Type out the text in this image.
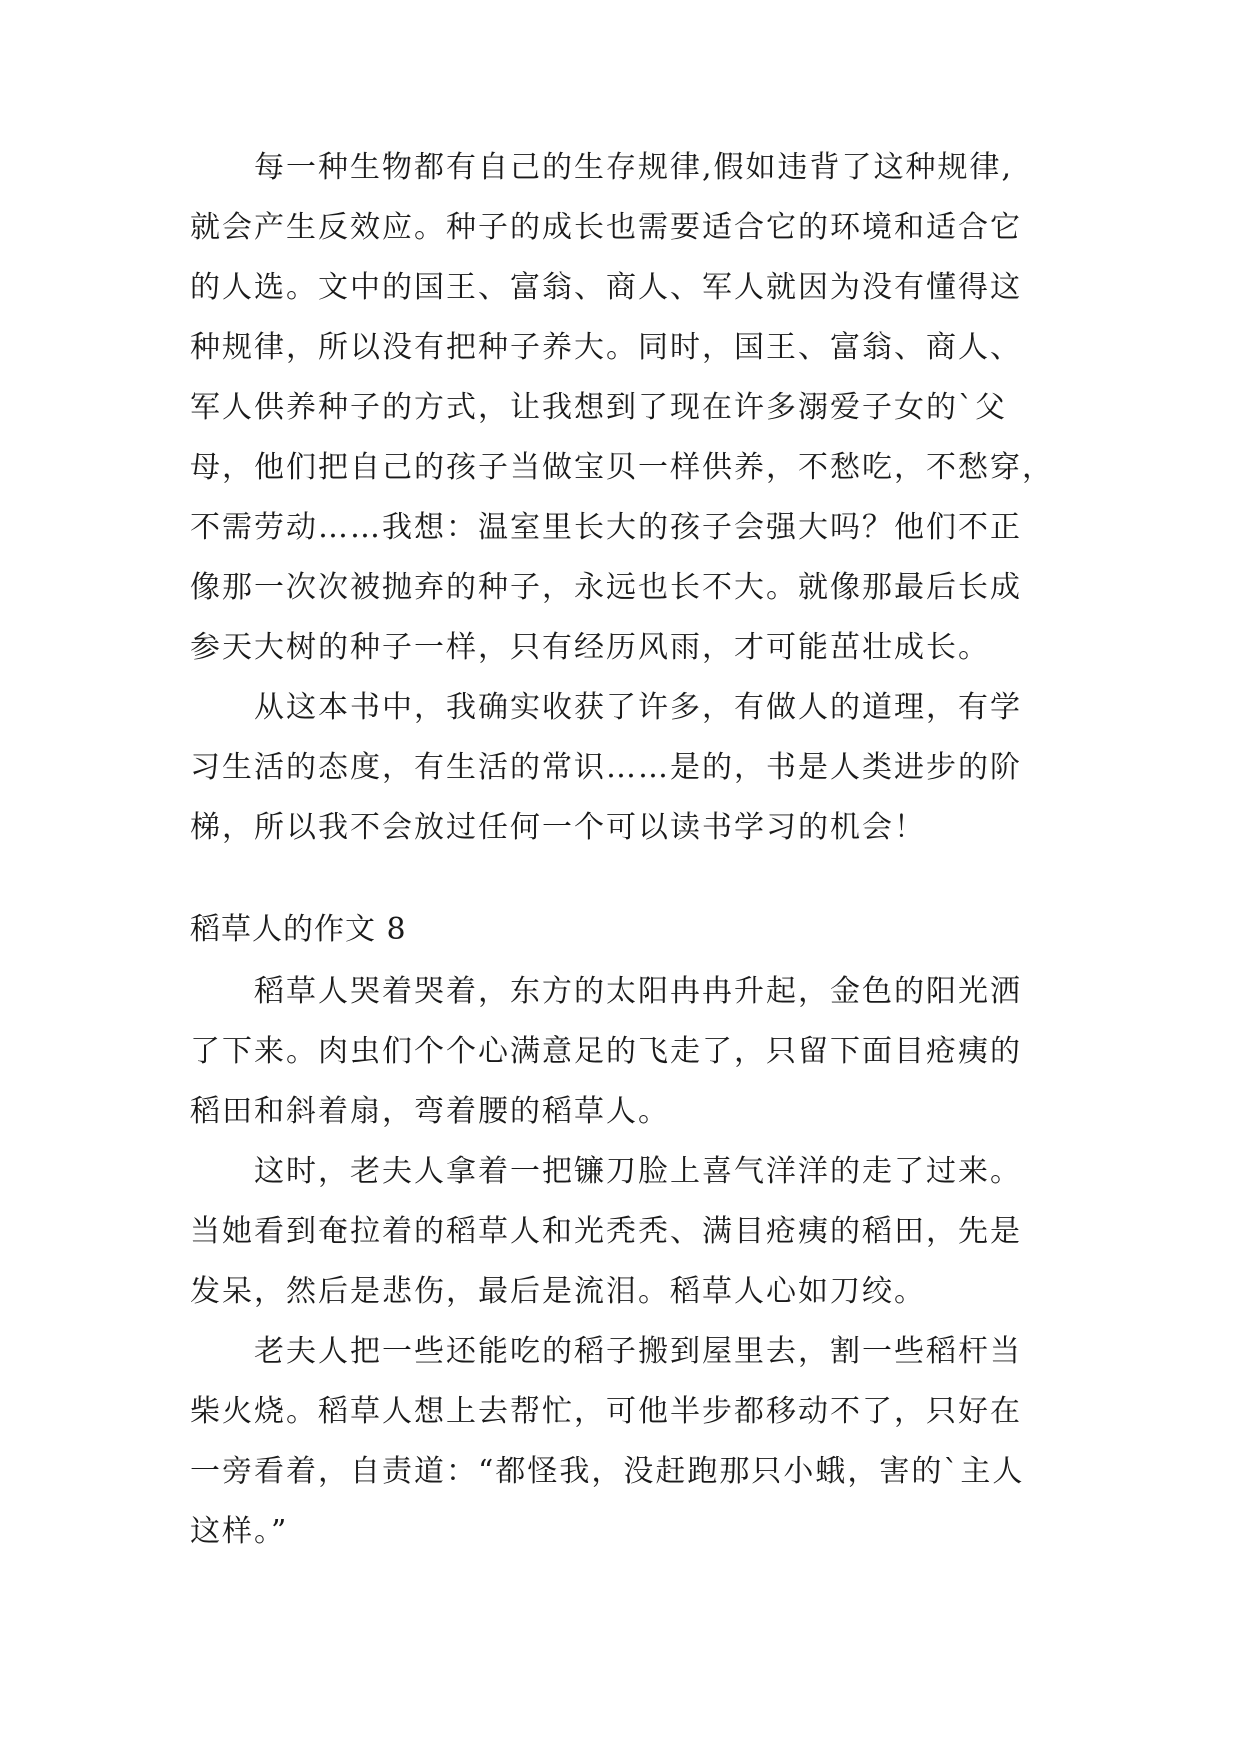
每一种生物都有自己的生存规律,假如违背了这种规律,
就会产生反效应。种子的成长也需要适合它的环境和适合它
的人选。文中的国王、富翁、商人、军人就因为没有懂得这
种规律，所以没有把种子养大。同时，国王、富翁、商人、
军人供养种子的方式，让我想到了现在许多溺爱子女的`父
母，他们把自己的孩子当做宝贝一样供养，不愁吃，不愁穿，
不需劳动……我想：温室里长大的孩子会强大吗？他们不正
像那一次次被抛弃的种子，永远也长不大。就像那最后长成
参天大树的种子一样，只有经历风雨，才可能茁壮成长。
从这本书中，我确实收获了许多，有做人的道理，有学
习生活的态度，有生活的常识……是的，书是人类进步的阶
梯，所以我不会放过任何一个可以读书学习的机会！
稻草人的作文 8
稻草人哭着哭着，东方的太阳冉冉升起，金色的阳光洒
了下来。肉虫们个个心满意足的飞走了，只留下面目疮痍的
稻田和斜着扇，弯着腰的稻草人。
这时，老夫人拿着一把镰刀脸上喜气洋洋的走了过来。
当她看到奄拉着的稻草人和光秃秃、满目疮痍的稻田，先是
发呆，然后是悲伤，最后是流泪。稻草人心如刀绞。
老夫人把一些还能吃的稻子搬到屋里去，割一些稻杆当
柴火烧。稻草人想上去帮忙，可他半步都移动不了，只好在
一旁看着，自责道：“都怪我，没赶跑那只小蛾，害的`主人
这样。”
